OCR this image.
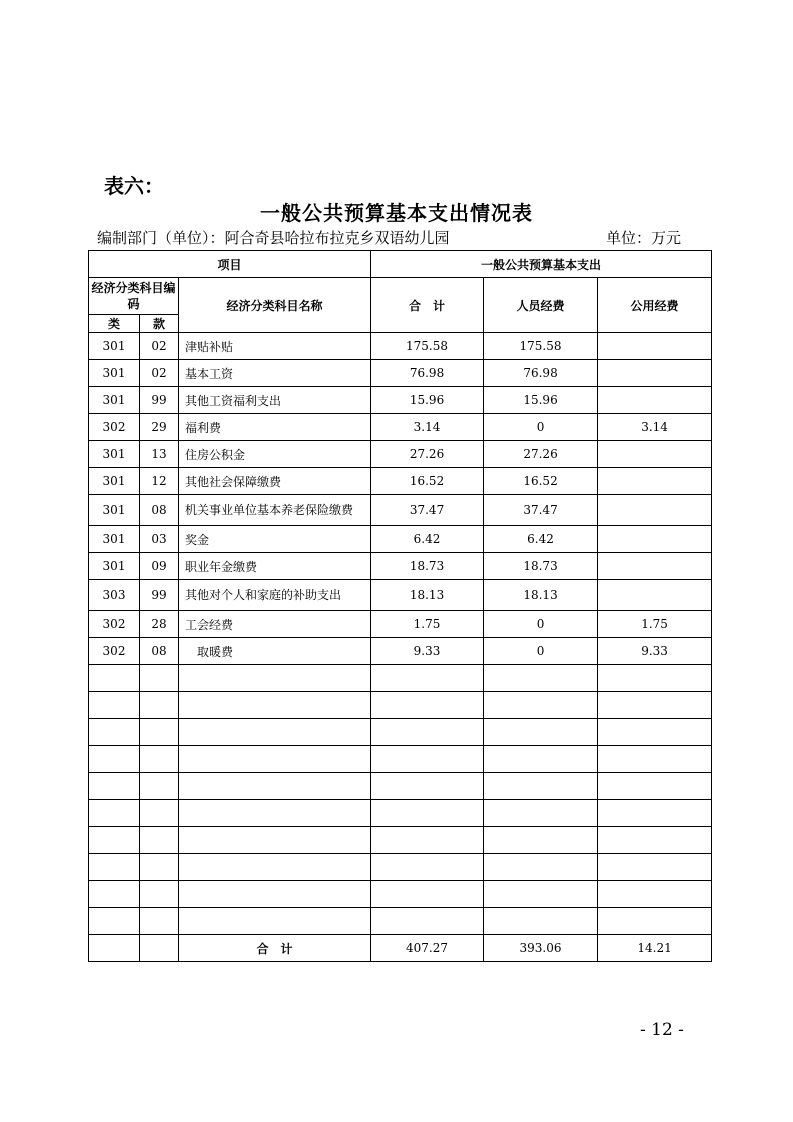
表六：
一般公共预算基本支出情况表
编制部门（单位）：阿合奇县哈拉布拉克乡双语幼儿园	单位：万元
项目			一般公共预算基本支出		
经济分类科目编码		经济分类科目名称	合　计	人员经费	公用经费
类	款				
301	02	津贴补贴	175.58	175.58	
301	02	基本工资	76.98	76.98	
301	99	其他工资福利支出	15.96	15.96	
302	29	福利费	3.14	0	3.14
301	13	住房公积金	27.26	27.26	
301	12	其他社会保障缴费	16.52	16.52	
301	08	机关事业单位基本养老保险缴费	37.47	37.47	
301	03	奖金	6.42	6.42	
301	09	职业年金缴费	18.73	18.73	
303	99	其他对个人和家庭的补助支出	18.13	18.13	
302	28	工会经费	1.75	0	1.75
302	08	　取暖费	9.33	0	9.33

		合　计	407.27	393.06	14.21
- 12 -
